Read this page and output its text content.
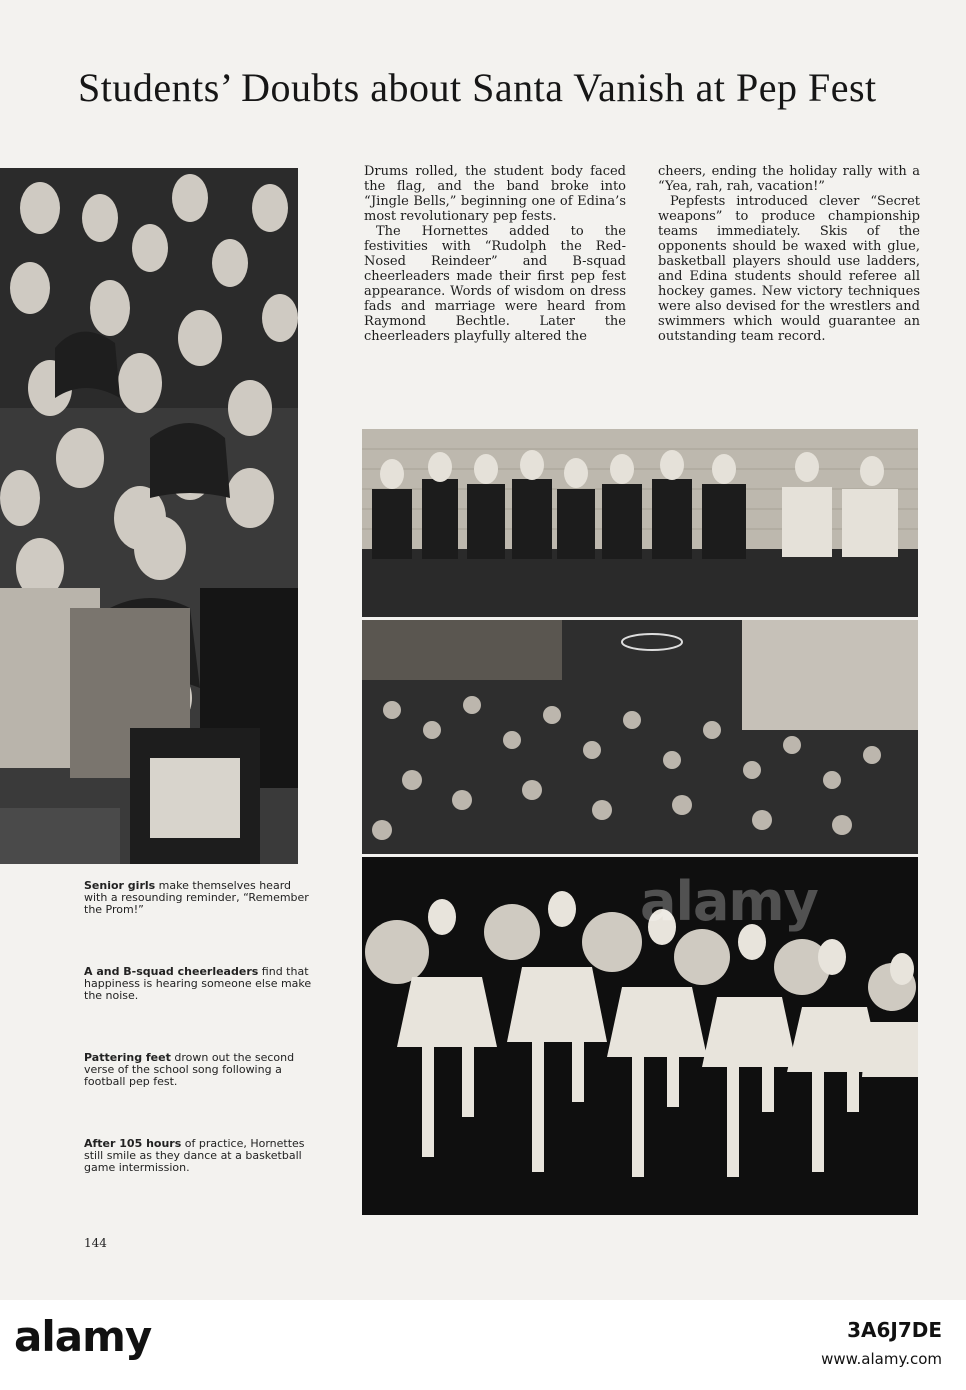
Students’ Doubts about Santa Vanish at Pep Fest

Drums rolled, the student body faced the flag, and the band broke into “Jingle Bells,” beginning one of Edina’s most revolutionary pep fests.

The Hornettes added to the festivities with “Rudolph the Red-Nosed Reindeer” and B-squad cheerleaders made their first pep fest appearance. Words of wisdom on dress fads and marriage were heard from Raymond Bechtle. Later the cheerleaders playfully altered the

cheers, ending the holiday rally with a “Yea, rah, rah, vacation!”

Pepfests introduced clever “Secret weapons” to produce championship teams immediately. Skis of the opponents should be waxed with glue, basketball players should use ladders, and Edina students should referee all hockey games. New victory techniques were also devised for the wrestlers and swimmers which would guarantee an outstanding team record.

alamy
Senior girls make themselves heard with a resounding reminder, “Remember the Prom!”
A and B-squad cheerleaders find that happiness is hearing someone else make the noise.
Pattering feet drown out the second verse of the school song following a football pep fest.
After 105 hours of practice, Hornettes still smile as they dance at a basketball game intermission.
144
alamy	3A6J7DE
www.alamy.com
